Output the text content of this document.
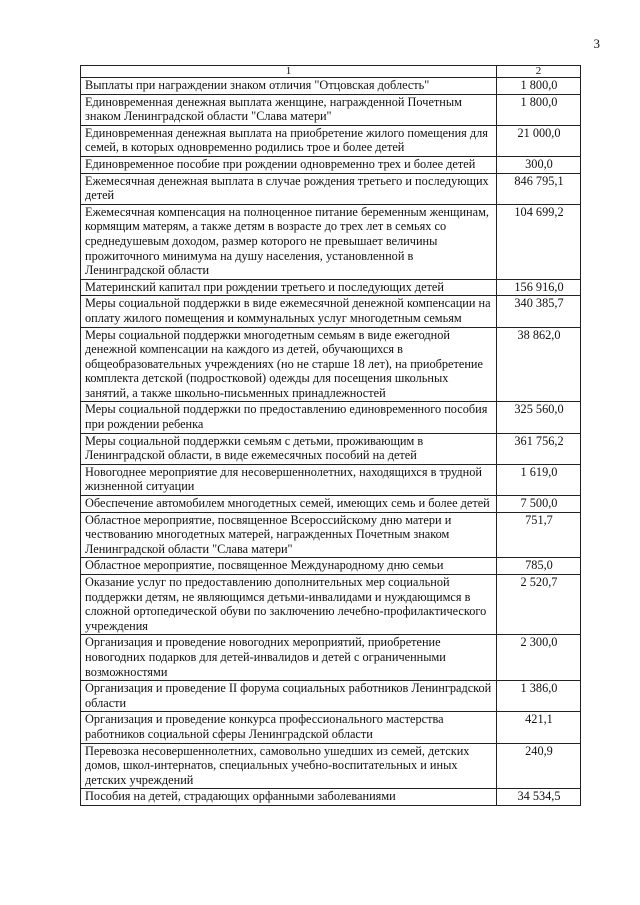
3
1	2
Выплаты при награждении знаком отличия "Отцовская доблесть"	1 800,0
Единовременная денежная выплата женщине, награжденной Почетным знаком Ленинградской области "Слава матери"	1 800,0
Единовременная денежная выплата на приобретение жилого помещения для семей, в которых одновременно родились трое и более детей	21 000,0
Единовременное пособие при рождении одновременно трех и более детей	300,0
Ежемесячная денежная выплата в случае рождения третьего и последующих детей	846 795,1
Ежемесячная компенсация на полноценное питание беременным женщинам, кормящим матерям, а также детям в возрасте до трех лет в семьях со среднедушевым доходом, размер которого не превышает величины прожиточного минимума на душу населения, установленной в Ленинградской области	104 699,2
Материнский капитал при рождении третьего и последующих детей	156 916,0
Меры социальной поддержки в виде ежемесячной денежной компенсации на оплату жилого помещения и коммунальных услуг многодетным семьям	340 385,7
Меры социальной поддержки многодетным семьям в виде ежегодной денежной компенсации на каждого из детей, обучающихся в общеобразовательных учреждениях (но не старше 18 лет), на приобретение комплекта детской (подростковой) одежды для посещения школьных занятий, а также школьно-письменных принадлежностей	38 862,0
Меры социальной поддержки по предоставлению единовременного пособия при рождении ребенка	325 560,0
Меры социальной поддержки семьям с детьми, проживающим в Ленинградской области, в виде ежемесячных пособий на детей	361 756,2
Новогоднее мероприятие для несовершеннолетних, находящихся в трудной жизненной ситуации	1 619,0
Обеспечение автомобилем многодетных семей, имеющих семь и более детей	7 500,0
Областное мероприятие, посвященное Всероссийскому дню матери и чествованию многодетных матерей, награжденных Почетным знаком Ленинградской области "Слава матери"	751,7
Областное мероприятие, посвященное Международному дню семьи	785,0
Оказание услуг по предоставлению дополнительных мер социальной поддержки детям, не являющимся детьми-инвалидами и нуждающимся в сложной ортопедической обуви по заключению лечебно-профилактического учреждения	2 520,7
Организация и проведение новогодних мероприятий, приобретение новогодних подарков для детей-инвалидов и детей с ограниченными возможностями	2 300,0
Организация и проведение II форума социальных работников Ленинградской области	1 386,0
Организация и проведение конкурса профессионального мастерства работников социальной сферы Ленинградской области	421,1
Перевозка несовершеннолетних, самовольно ушедших из семей, детских домов, школ-интернатов, специальных учебно-воспитательных и иных детских учреждений	240,9
Пособия на детей, страдающих орфанными заболеваниями	34 534,5
